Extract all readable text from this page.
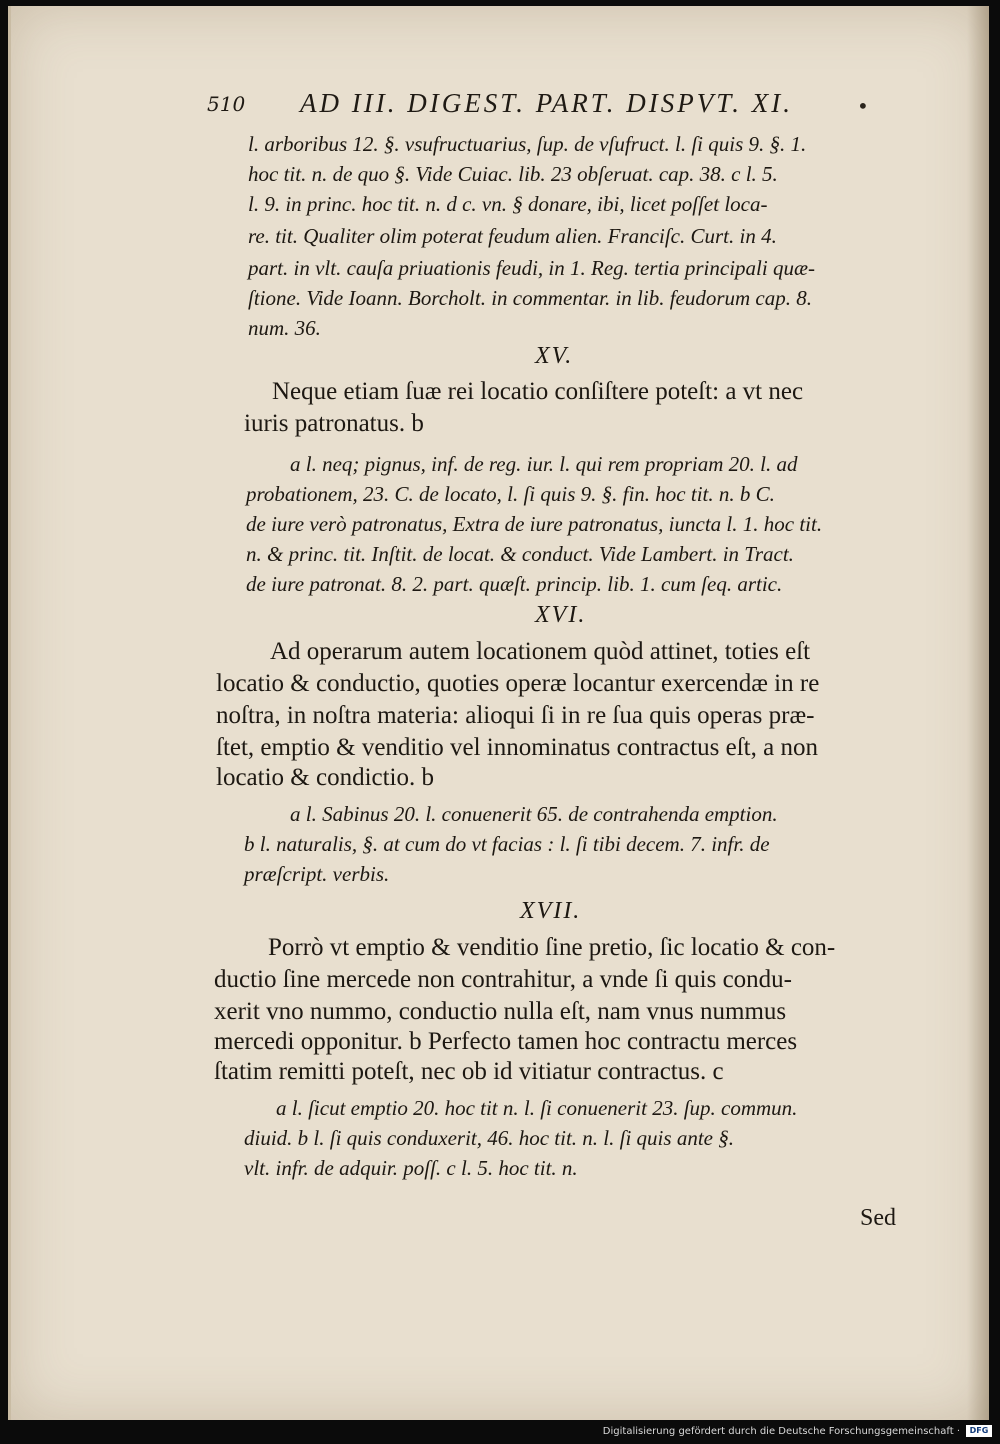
510 AD III. DIGEST. PART. DISPVT. XI.	•
l. arboribus 12. §. vsufructuarius, ſup. de vſufruct. l. ſi quis 9. §. 1.
hoc tit. n. de quo §. Vide Cuiac. lib. 23 obſeruat. cap. 38. c l. 5.
l. 9. in princ. hoc tit. n. d c. vn. § donare, ibi, licet poſſet loca-
re. tit. Qualiter olim poterat feudum alien. Franciſc. Curt. in 4.
part. in vlt. cauſa priuationis feudi, in 1. Reg. tertia principali quæ-
ſtione. Vide Ioann. Borcholt. in commentar. in lib. feudorum cap. 8.
num. 36.
XV.
Neque etiam ſuæ rei locatio conſiſtere poteſt: a vt nec
iuris patronatus. b
a l. neq; pignus, inf. de reg. iur. l. qui rem propriam 20. l. ad
probationem, 23. C. de locato, l. ſi quis 9. §. fin. hoc tit. n. b C.
de iure verò patronatus, Extra de iure patronatus, iuncta l. 1. hoc tit.
n. & princ. tit. Inſtit. de locat. & conduct. Vide Lambert. in Tract.
de iure patronat. 8. 2. part. quæſt. princip. lib. 1. cum ſeq. artic.
XVI.
Ad operarum autem locationem quòd attinet, toties eſt
locatio & conductio, quoties operæ locantur exercendæ in re
noſtra, in noſtra materia: alioqui ſi in re ſua quis operas præ-
ſtet, emptio & venditio vel innominatus contractus eſt, a non
locatio & condictio. b
a l. Sabinus 20. l. conuenerit 65. de contrahenda emption.
b l. naturalis, §. at cum do vt facias : l. ſi tibi decem. 7. infr. de
præſcript. verbis.
XVII.
Porrò vt emptio & venditio ſine pretio, ſic locatio & con-
ductio ſine mercede non contrahitur, a vnde ſi quis condu-
xerit vno nummo, conductio nulla eſt, nam vnus nummus
mercedi opponitur. b Perfecto tamen hoc contractu merces
ſtatim remitti poteſt, nec ob id vitiatur contractus. c
a l. ſicut emptio 20. hoc tit n. l. ſi conuenerit 23. ſup. commun.
diuid. b l. ſi quis conduxerit, 46. hoc tit. n. l. ſi quis ante §.
vlt. infr. de adquir. poſſ. c l. 5. hoc tit. n.
Sed
Digitalisierung gefördert durch die Deutsche Forschungsgemeinschaft ·	DFG
